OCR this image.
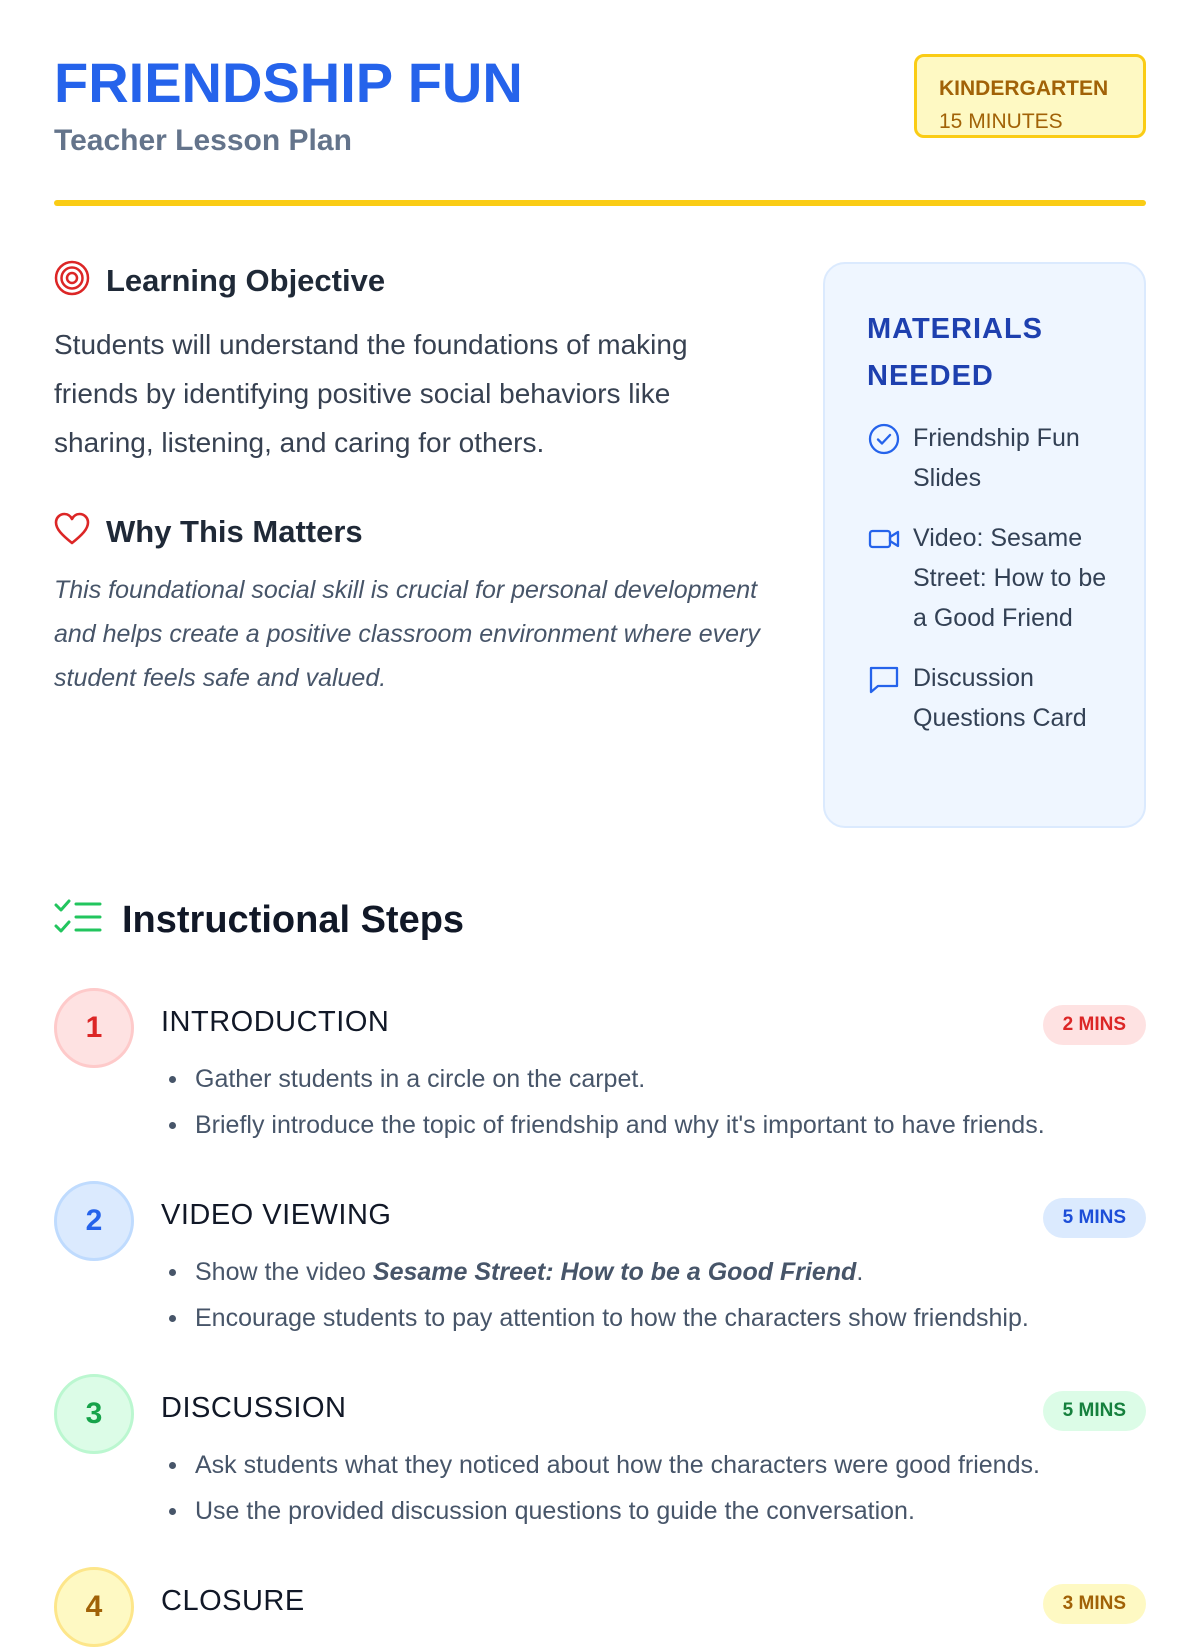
FRIENDSHIP FUN
Teacher Lesson Plan
KINDERGARTEN
15 MINUTES
Learning Objective
Students will understand the foundations of making friends by identifying positive social behaviors like sharing, listening, and caring for others.
Why This Matters
This foundational social skill is crucial for personal development and helps create a positive classroom environment where every student feels safe and valued.
MATERIALS NEEDED
Friendship Fun Slides
Video: Sesame Street: How to be a Good Friend
Discussion Questions Card
Instructional Steps
1	INTRODUCTION	2 MINS
Gather students in a circle on the carpet.
Briefly introduce the topic of friendship and why it's important to have friends.
2	VIDEO VIEWING	5 MINS
Show the video Sesame Street: How to be a Good Friend.
Encourage students to pay attention to how the characters show friendship.
3	DISCUSSION	5 MINS
Ask students what they noticed about how the characters were good friends.
Use the provided discussion questions to guide the conversation.
4	CLOSURE	3 MINS
